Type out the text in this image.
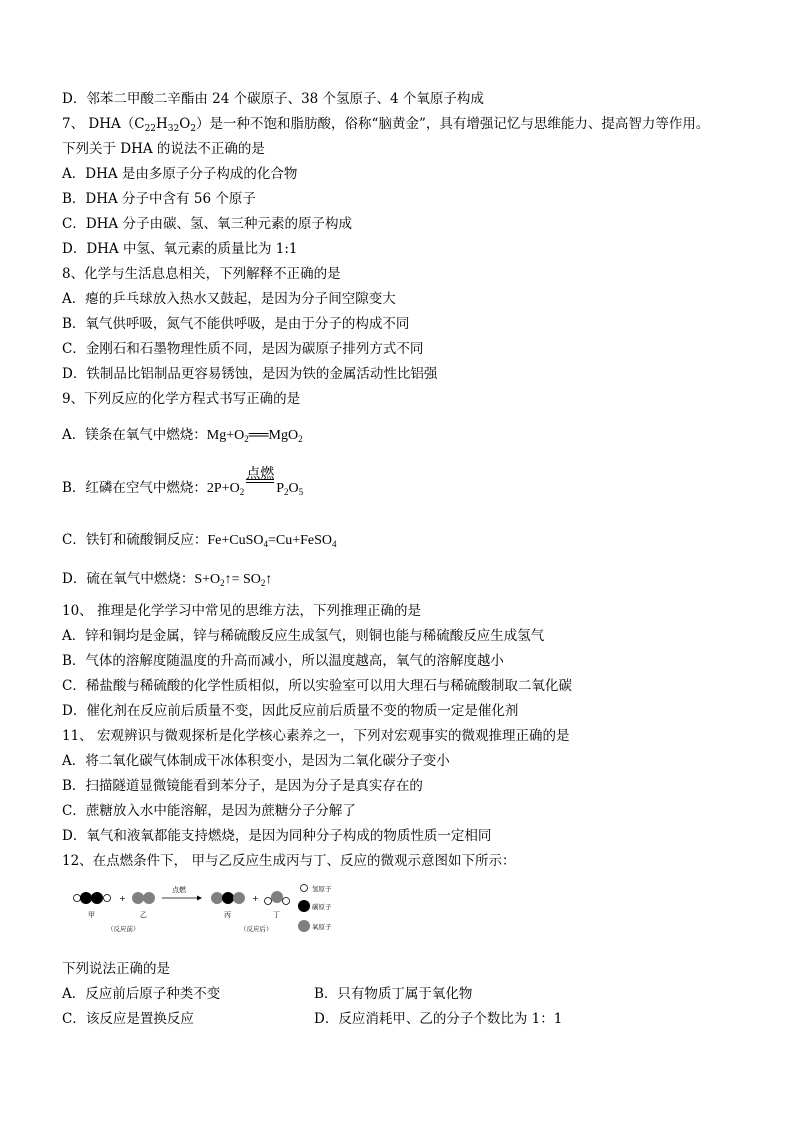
D．邻苯二甲酸二辛酯由 24 个碳原子、38 个氢原子、4 个氧原子构成
7、 $DHA(C_{22}H_{32}O_2)$是一种不饱和脂肪酸，俗称“脑黄金”，具有增强记忆与思维能力、提高智力等作用。
下列关于 DHA 的说法不正确的是
A．DHA 是由多原子分子构成的化合物
B．DHA 分子中含有 56 个原子
C．DHA 分子由碳、氢、氧三种元素的原子构成
D．DHA 中氢、氧元素的质量比为 1:1
8、化学与生活息息相关，下列解释不正确的是
A．瘪的乒乓球放入热水又鼓起，是因为分子间空隙变大
B．氧气供呼吸，氮气不能供呼吸，是由于分子的构成不同
C．金刚石和石墨物理性质不同，是因为碳原子排列方式不同
D．铁制品比铝制品更容易锈蚀，是因为铁的金属活动性比铝强
9、下列反应的化学方程式书写正确的是
A．镁条在氧气中燃烧：$Mg+O_2══MgO_2$
B．红磷在空气中燃烧：$2P+O_2$
点燃
$P_2O_5$
C．铁钉和硫酸铜反应：Fe+CuSO$_4$=Cu+FeSO$_4$
D．硫在氧气中燃烧：$S+O_2↑=$ $SO_2↑$
10、 推理是化学学习中常见的思维方法，下列推理正确的是
A．锌和铜均是金属，锌与稀硫酸反应生成氢气，则铜也能与稀硫酸反应生成氢气
B．气体的溶解度随温度的升高而减小，所以温度越高，氧气的溶解度越小
C．稀盐酸与稀硫酸的化学性质相似，所以实验室可以用大理石与稀硫酸制取二氧化碳
D．催化剂在反应前后质量不变，因此反应前后质量不变的物质一定是催化剂
11、 宏观辨识与微观探析是化学核心素养之一，下列对宏观事实的微观推理正确的是
A．将二氧化碳气体制成干冰体积变小，是因为二氧化碳分子变小
B．扫描隧道显微镜能看到苯分子，是因为分子是真实存在的
C．蔗糖放入水中能溶解，是因为蔗糖分子分解了
D．氧气和液氧都能支持燃烧，是因为同种分子构成的物质性质一定相同
12、在点燃条件下， 甲与乙反应生成丙与丁、反应的微观示意图如下所示：
+
点燃
+
甲	乙	丙	丁
（反应前）	（反应后）
氢原子
碳原子
氧原子
下列说法正确的是
A．反应前后原子种类不变	B．只有物质丁属于氧化物
C．该反应是置换反应	D．反应消耗甲、乙的分子个数比为 1：1
